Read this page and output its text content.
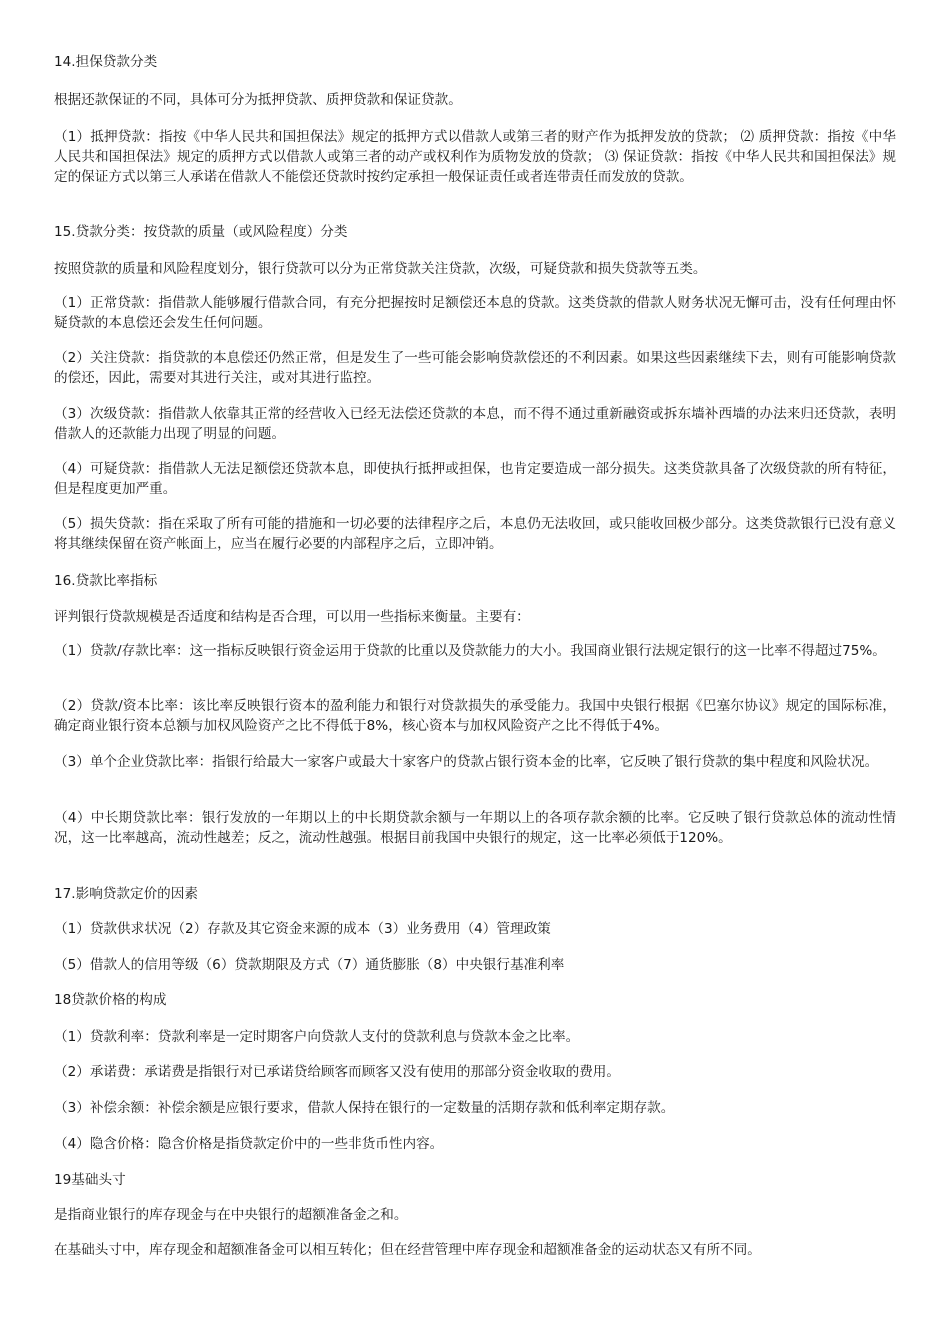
14.担保贷款分类

根据还款保证的不同，具体可分为抵押贷款、质押贷款和保证贷款。

（1）抵押贷款：指按《中华人民共和国担保法》规定的抵押方式以借款人或第三者的财产作为抵押发放的贷款； ⑵ 质押贷款：指按《中华人民共和国担保法》规定的质押方式以借款人或第三者的动产或权利作为质物发放的贷款； ⑶ 保证贷款：指按《中华人民共和国担保法》规定的保证方式以第三人承诺在借款人不能偿还贷款时按约定承担一般保证责任或者连带责任而发放的贷款。

15.贷款分类：按贷款的质量（或风险程度）分类

按照贷款的质量和风险程度划分，银行贷款可以分为正常贷款关注贷款，次级，可疑贷款和损失贷款等五类。

（1）正常贷款：指借款人能够履行借款合同，有充分把握按时足额偿还本息的贷款。这类贷款的借款人财务状况无懈可击，没有任何理由怀疑贷款的本息偿还会发生任何问题。

（2）关注贷款：指贷款的本息偿还仍然正常，但是发生了一些可能会影响贷款偿还的不利因素。如果这些因素继续下去，则有可能影响贷款的偿还，因此，需要对其进行关注，或对其进行监控。

（3）次级贷款：指借款人依靠其正常的经营收入已经无法偿还贷款的本息，而不得不通过重新融资或拆东墙补西墙的办法来归还贷款，表明借款人的还款能力出现了明显的问题。

（4）可疑贷款：指借款人无法足额偿还贷款本息，即使执行抵押或担保，也肯定要造成一部分损失。这类贷款具备了次级贷款的所有特征，但是程度更加严重。

（5）损失贷款：指在采取了所有可能的措施和一切必要的法律程序之后，本息仍无法收回，或只能收回极少部分。这类贷款银行已没有意义将其继续保留在资产帐面上，应当在履行必要的内部程序之后，立即冲销。

16.贷款比率指标

评判银行贷款规模是否适度和结构是否合理，可以用一些指标来衡量。主要有：

（1）贷款/存款比率：这一指标反映银行资金运用于贷款的比重以及贷款能力的大小。我国商业银行法规定银行的这一比率不得超过75%。

（2）贷款/资本比率：该比率反映银行资本的盈利能力和银行对贷款损失的承受能力。我国中央银行根据《巴塞尔协议》规定的国际标准，确定商业银行资本总额与加权风险资产之比不得低于8%，核心资本与加权风险资产之比不得低于4%。

（3）单个企业贷款比率：指银行给最大一家客户或最大十家客户的贷款占银行资本金的比率，它反映了银行贷款的集中程度和风险状况。

（4）中长期贷款比率：银行发放的一年期以上的中长期贷款余额与一年期以上的各项存款余额的比率。它反映了银行贷款总体的流动性情况，这一比率越高，流动性越差；反之，流动性越强。根据目前我国中央银行的规定，这一比率必须低于120%。

17.影响贷款定价的因素

（1）贷款供求状况（2）存款及其它资金来源的成本（3）业务费用（4）管理政策

（5）借款人的信用等级（6）贷款期限及方式（7）通货膨胀（8）中央银行基准利率

18贷款价格的构成

（1）贷款利率：贷款利率是一定时期客户向贷款人支付的贷款利息与贷款本金之比率。

（2）承诺费：承诺费是指银行对已承诺贷给顾客而顾客又没有使用的那部分资金收取的费用。

（3）补偿余额：补偿余额是应银行要求，借款人保持在银行的一定数量的活期存款和低利率定期存款。

（4）隐含价格：隐含价格是指贷款定价中的一些非货币性内容。

19基础头寸

是指商业银行的库存现金与在中央银行的超额准备金之和。

在基础头寸中，库存现金和超额准备金可以相互转化；但在经营管理中库存现金和超额准备金的运动状态又有所不同。
